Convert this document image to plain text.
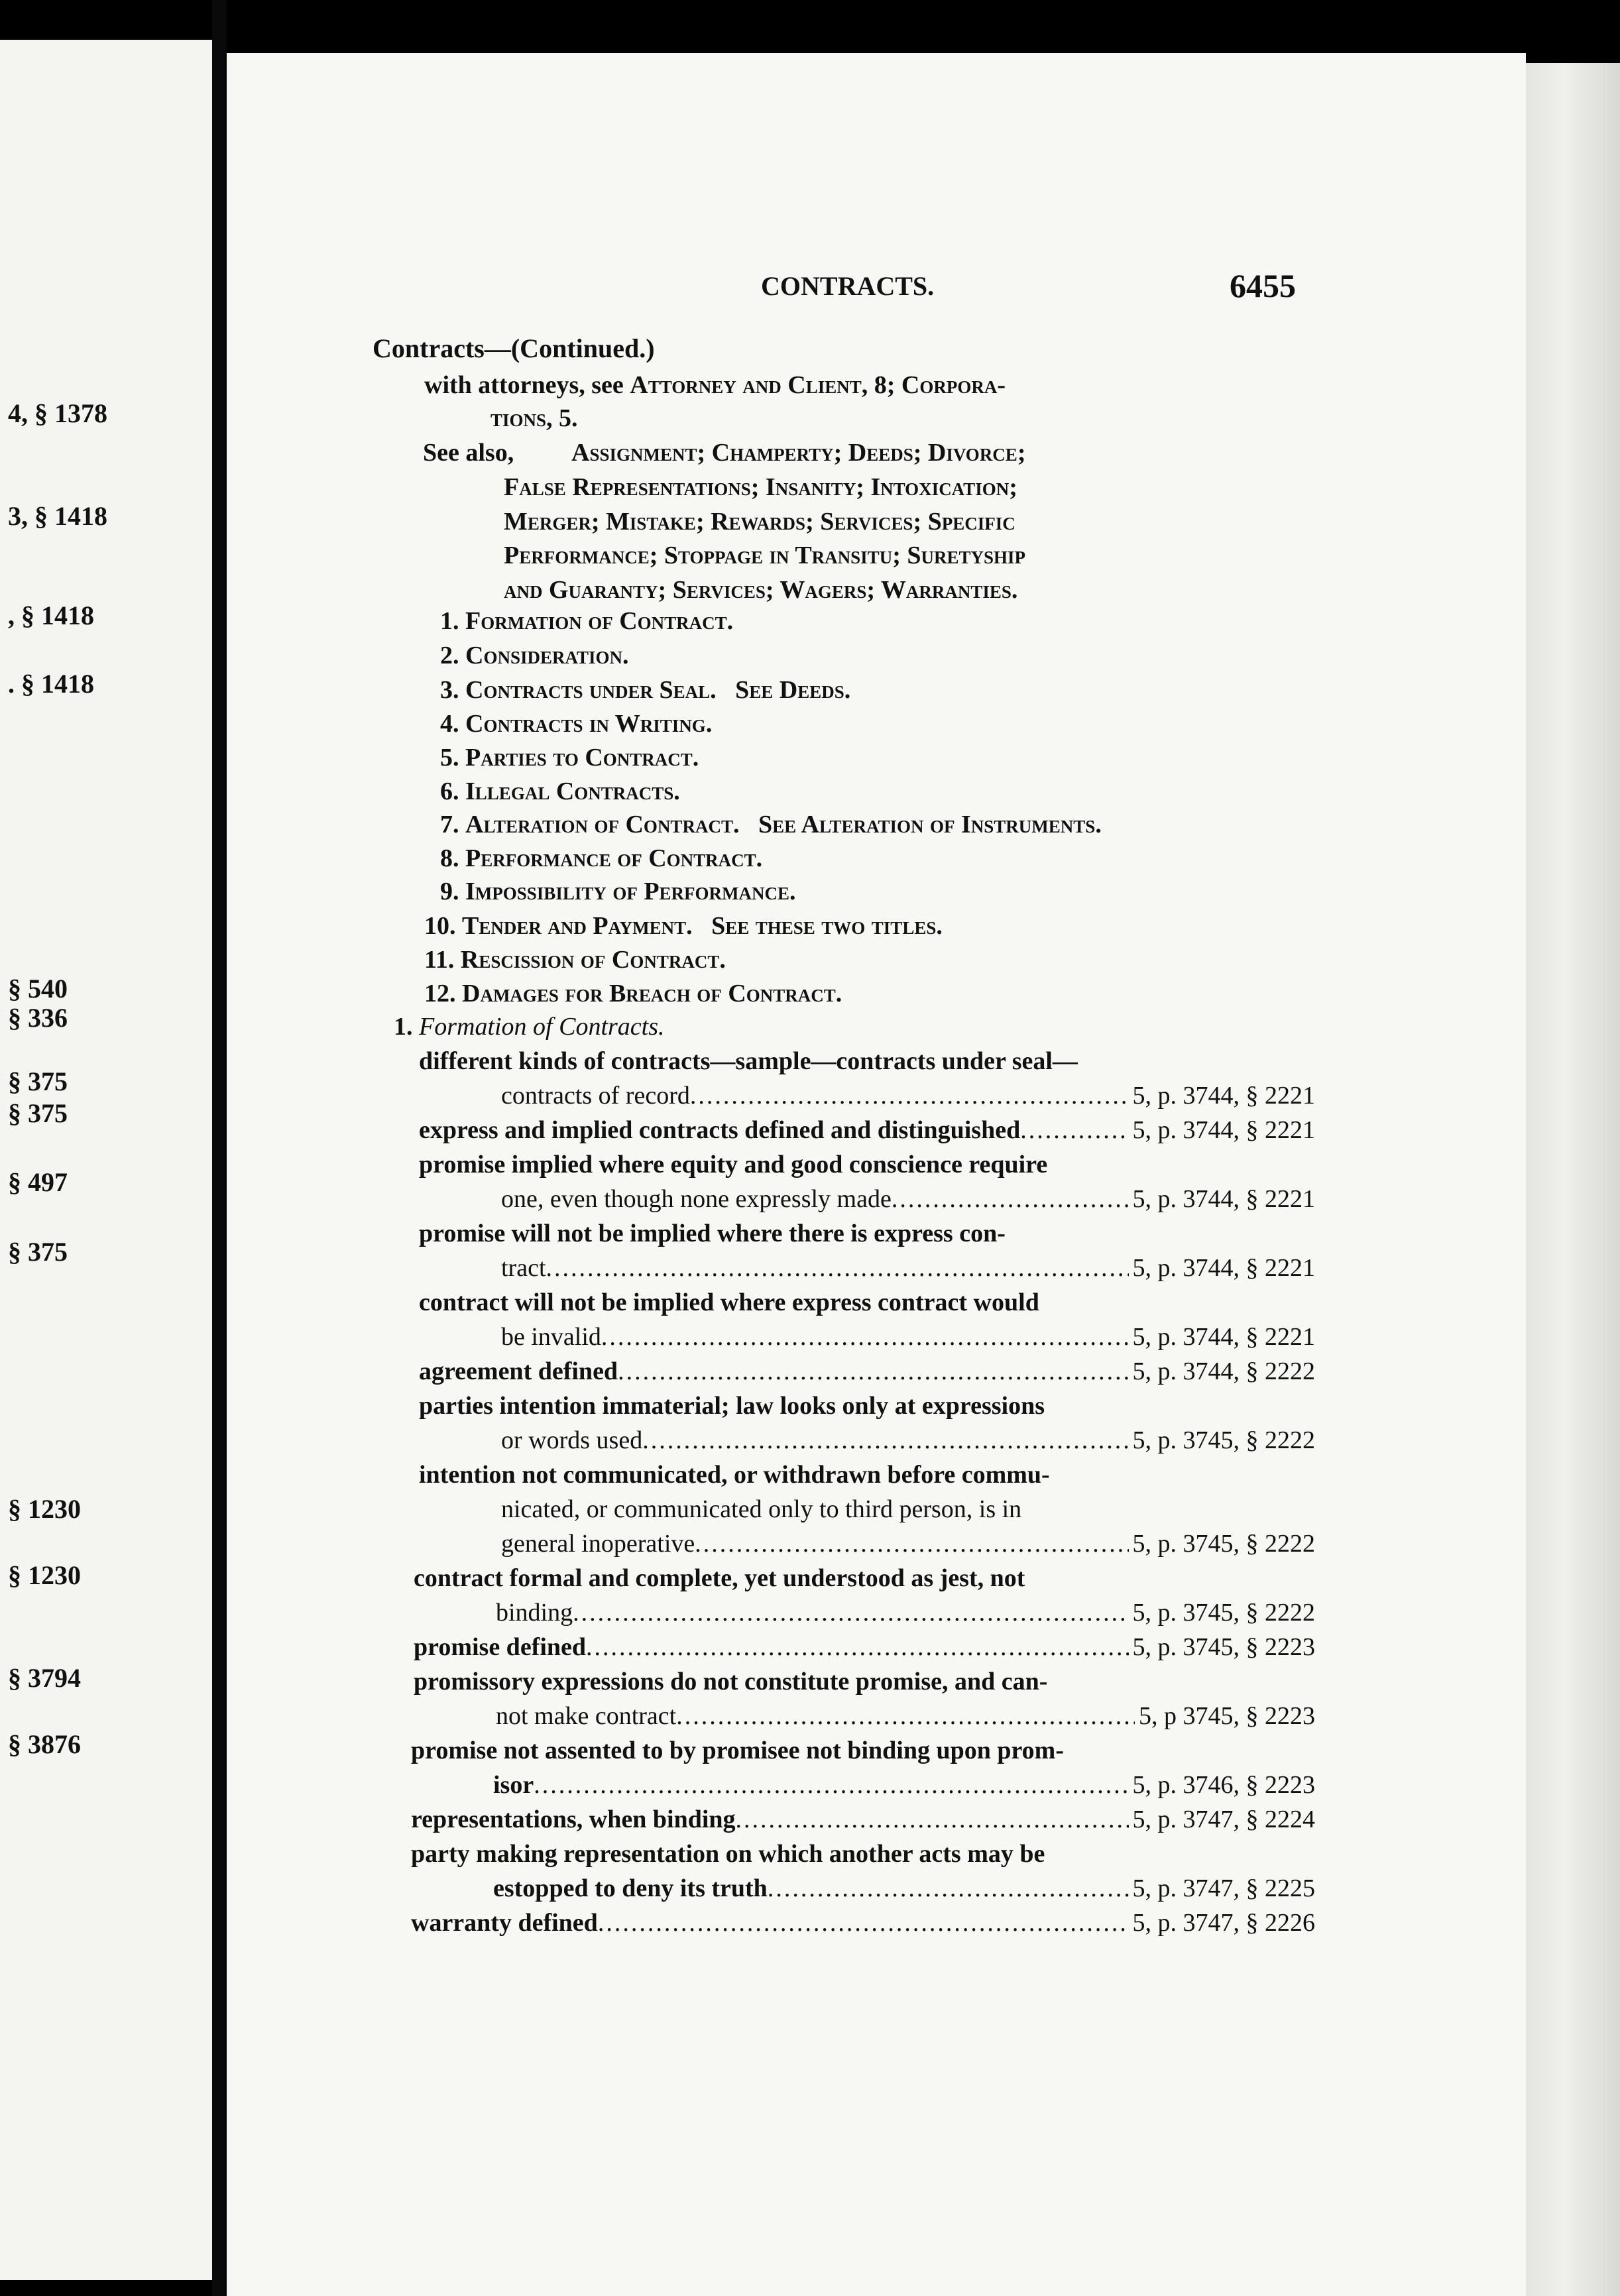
4, § 1378
3, § 1418
, § 1418
. § 1418
§ 540
§ 336
§ 375
§ 375
§ 497
§ 375
§ 1230
§ 1230
§ 3794
§ 3876
CONTRACTS.	6455
Contracts—(Continued.)
with attorneys, see Attorney and Client, 8; Corpora-
tions, 5.
See also, Assignment; Champerty; Deeds; Divorce;
False Representations; Insanity; Intoxication;
Merger; Mistake; Rewards; Services; Specific
Performance; Stoppage in Transitu; Suretyship
and Guaranty; Services; Wagers; Warranties.
1. Formation of Contract.
2. Consideration.
3. Contracts under Seal.   See Deeds.
4. Contracts in Writing.
5. Parties to Contract.
6. Illegal Contracts.
7. Alteration of Contract.   See Alteration of Instruments.
8. Performance of Contract.
9. Impossibility of Performance.
10. Tender and Payment.   See these two titles.
11. Rescission of Contract.
12. Damages for Breach of Contract.
1. Formation of Contracts.
different kinds of contracts—sample—contracts under seal—
contracts of record .....	5, p. 3744, § 2221
express and implied contracts defined and distinguished .....	5, p. 3744, § 2221
promise implied where equity and good conscience require
one, even though none expressly made .....	5, p. 3744, § 2221
promise will not be implied where there is express con-
tract .....	5, p. 3744, § 2221
contract will not be implied where express contract would
be invalid .....	5, p. 3744, § 2221
agreement defined .....	5, p. 3744, § 2222
parties intention immaterial; law looks only at expressions
or words used .....	5, p. 3745, § 2222
intention not communicated, or withdrawn before commu-
nicated, or communicated only to third person, is in
general inoperative .....	5, p. 3745, § 2222
contract formal and complete, yet understood as jest, not
binding .....	5, p. 3745, § 2222
promise defined .....	5, p. 3745, § 2223
promissory expressions do not constitute promise, and can-
not make contract .....	5, p 3745, § 2223
promise not assented to by promisee not binding upon prom-
isor .....	5, p. 3746, § 2223
representations, when binding .....	5, p. 3747, § 2224
party making representation on which another acts may be
estopped to deny its truth .....	5, p. 3747, § 2225
warranty defined .....	5, p. 3747, § 2226
